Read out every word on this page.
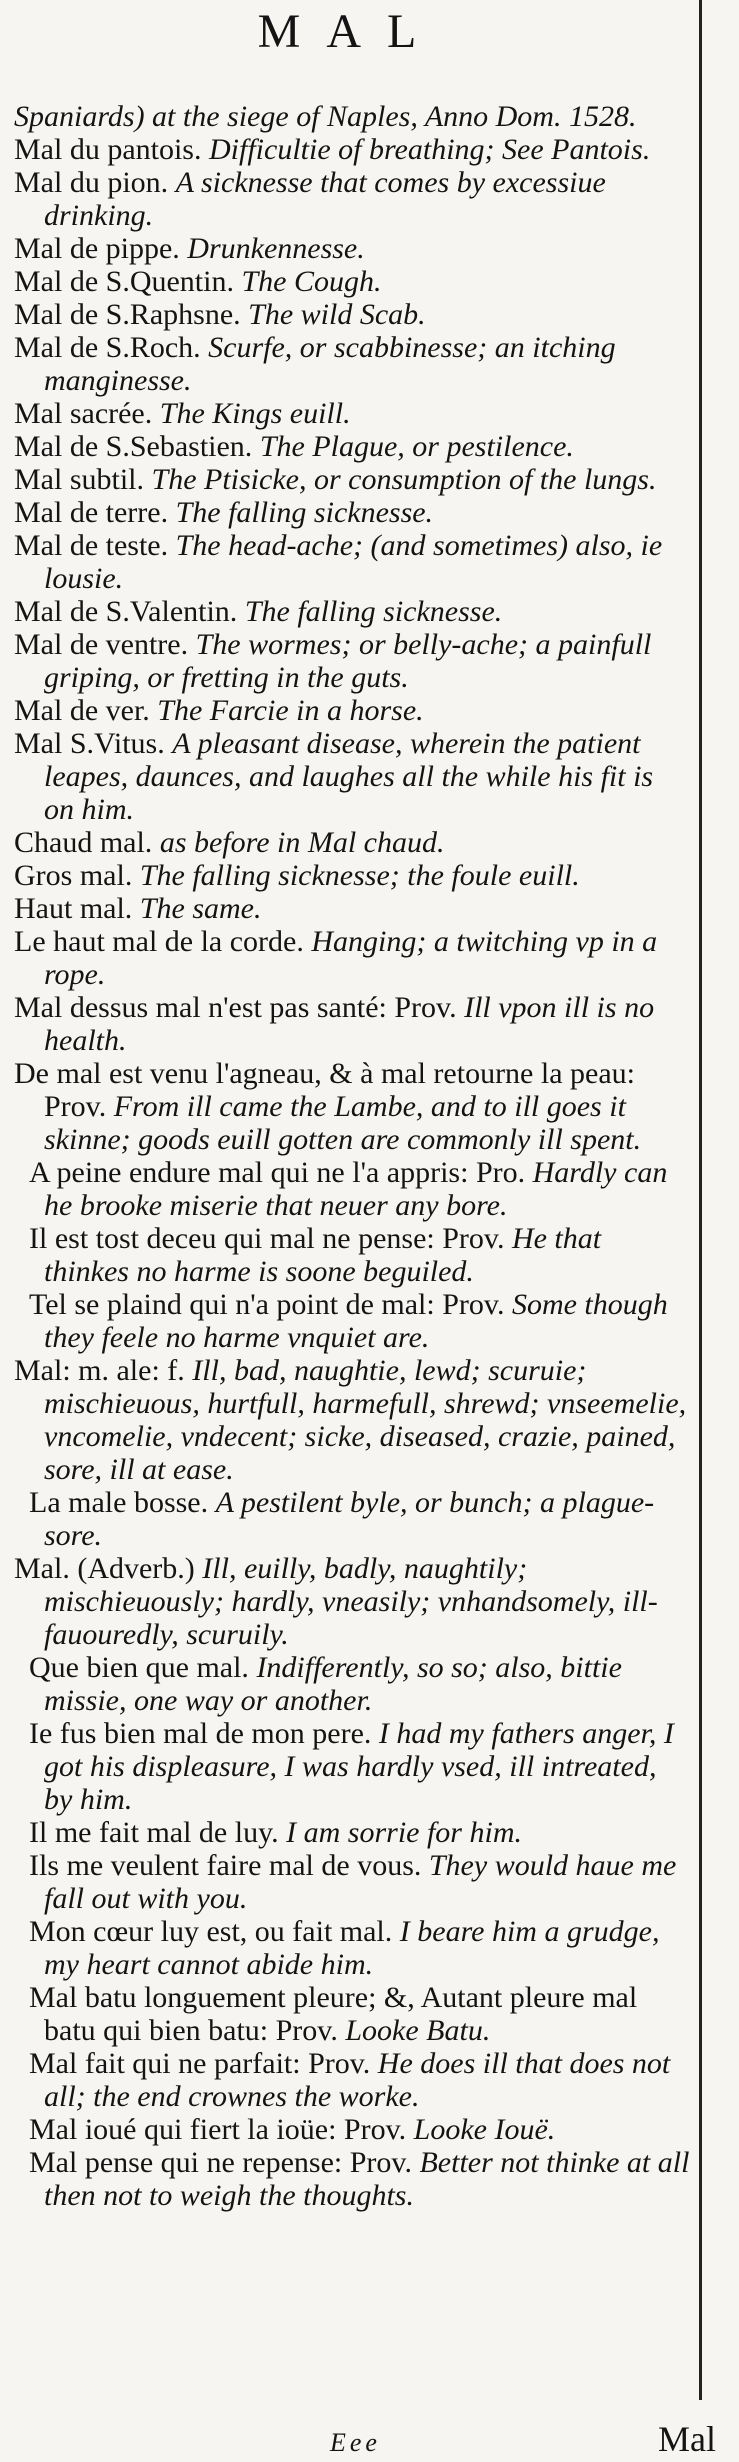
MAL

Spaniards) at the siege of Naples, Anno Dom. 1528.

Mal du pantois. Difficultie of breathing; See Pantois.

Mal du pion. A sicknesse that comes by excessiue drinking.

Mal de pippe. Drunkennesse.

Mal de S.Quentin. The Cough.

Mal de S.Raphsne. The wild Scab.

Mal de S.Roch. Scurfe, or scabbinesse; an itching manginesse.

Mal sacrée. The Kings euill.

Mal de S.Sebastien. The Plague, or pestilence.

Mal subtil. The Ptisicke, or consumption of the lungs.

Mal de terre. The falling sicknesse.

Mal de teste. The head-ache; (and sometimes) also, ie lousie.

Mal de S.Valentin. The falling sicknesse.

Mal de ventre. The wormes; or belly-ache; a painfull griping, or fretting in the guts.

Mal de ver. The Farcie in a horse.

Mal S.Vitus. A pleasant disease, wherein the patient leapes, daunces, and laughes all the while his fit is on him.

Chaud mal. as before in Mal chaud.

Gros mal. The falling sicknesse; the foule euill.

Haut mal. The same.

Le haut mal de la corde. Hanging; a twitching vp in a rope.

Mal dessus mal n'est pas santé: Prov. Ill vpon ill is no health.

De mal est venu l'agneau, & à mal retourne la peau: Prov. From ill came the Lambe, and to ill goes it skinne; goods euill gotten are commonly ill spent.

A peine endure mal qui ne l'a appris: Pro. Hardly can he brooke miserie that neuer any bore.

Il est tost deceu qui mal ne pense: Prov. He that thinkes no harme is soone beguiled.

Tel se plaind qui n'a point de mal: Prov. Some though they feele no harme vnquiet are.

Mal: m. ale: f. Ill, bad, naughtie, lewd; scuruie; mischieuous, hurtfull, harmefull, shrewd; vnseemelie, vncomelie, vndecent; sicke, diseased, crazie, pained, sore, ill at ease.

La male bosse. A pestilent byle, or bunch; a plague-sore.

Mal. (Adverb.) Ill, euilly, badly, naughtily; mischieuously; hardly, vneasily; vnhandsomely, ill-fauouredly, scuruily.

Que bien que mal. Indifferently, so so; also, bittie missie, one way or another.

Ie fus bien mal de mon pere. I had my fathers anger, I got his displeasure, I was hardly vsed, ill intreated, by him.

Il me fait mal de luy. I am sorrie for him.

Ils me veulent faire mal de vous. They would haue me fall out with you.

Mon cœur luy est, ou fait mal. I beare him a grudge, my heart cannot abide him.

Mal batu longuement pleure; &, Autant pleure mal batu qui bien batu: Prov. Looke Batu.

Mal fait qui ne parfait: Prov. He does ill that does not all; the end crownes the worke.

Mal ioué qui fiert la ioüe: Prov. Looke Iouë.

Mal pense qui ne repense: Prov. Better not thinke at all then not to weigh the thoughts.

Eee	Mal
